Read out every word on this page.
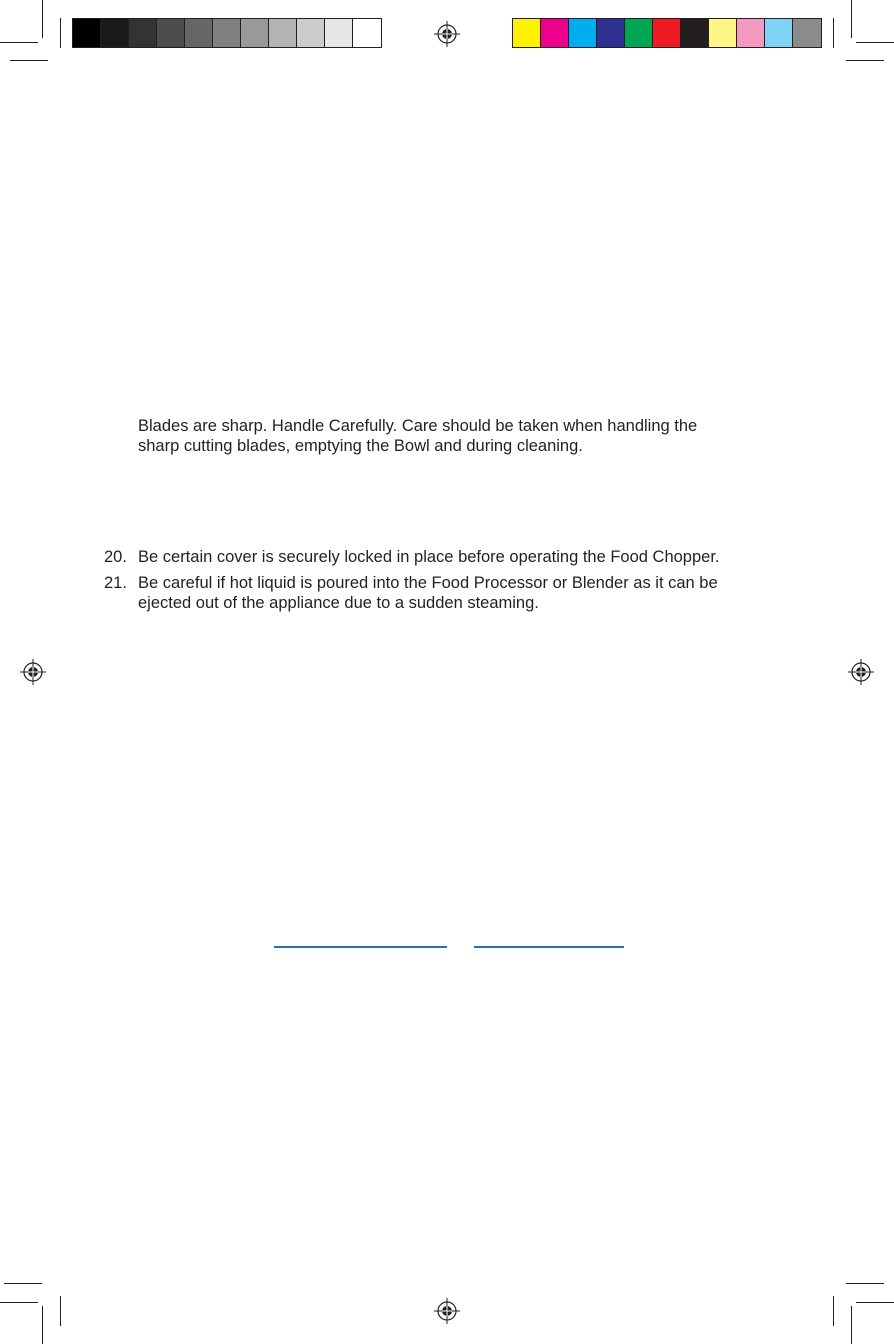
Blades are sharp. Handle Carefully. Care should be taken when handling the
sharp cutting blades, emptying the Bowl and during cleaning.
20. Be certain cover is securely locked in place before operating the Food Chopper.
21. Be careful if hot liquid is poured into the Food Processor or Blender as it can be
ejected out of the appliance due to a sudden steaming.
